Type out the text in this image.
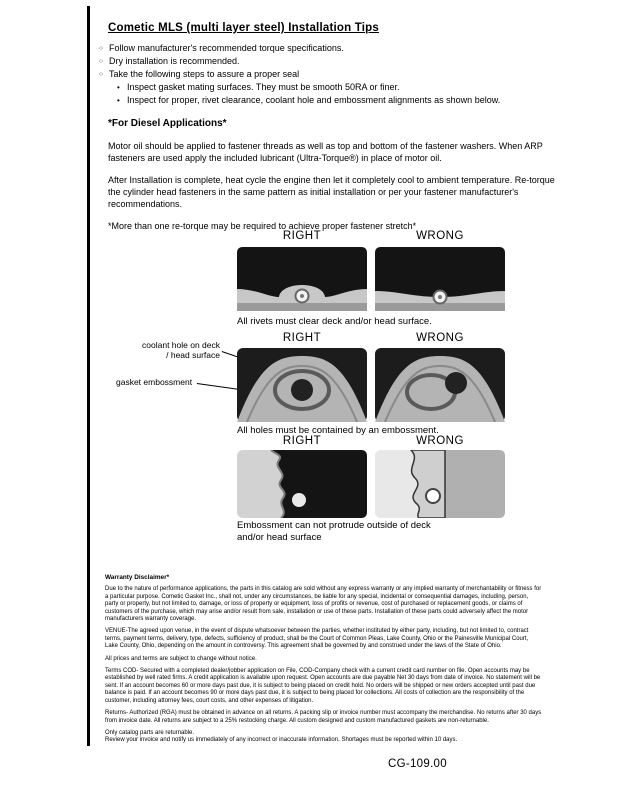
Cometic MLS (multi layer steel) Installation Tips
○ Follow manufacturer's recommended torque specifications.
○ Dry installation is recommended.
○ Take the following steps to assure a proper seal
• Inspect gasket mating surfaces. They must be smooth 50RA or finer.
• Inspect for proper, rivet clearance, coolant hole and embossment alignments as shown below.
*For Diesel Applications*

Motor oil should be applied to fastener threads as well as top and bottom of the fastener washers. When ARP fasteners are used apply the included lubricant (Ultra-Torque®) in place of motor oil.

After Installation is complete, heat cycle the engine then let it completely cool to ambient temperature. Re-torque the cylinder head fasteners in the same pattern as initial installation or per your fastener manufacturer's recommendations.

*More than one re-torque may be required to achieve proper fastener stretch*

RIGHT	WRONG
All rivets must clear deck and/or head surface.
RIGHT	WRONG
coolant hole on deck / head surface
gasket embossment
All holes must be contained by an embossment.
RIGHT	WRONG
Embossment can not protrude outside of deck and/or head surface

Warranty Disclaimer*

Due to the nature of performance applications, the parts in this catalog are sold without any express warranty or any implied warranty of merchantability or fitness for a particular purpose. Cometic Gasket Inc., shall not, under any circumstances, be liable for any special, incidental or consequential damages, including, person, party or property, but not limited to, damage, or loss of property or equipment, loss of profits or revenue, cost of purchased or replacement goods, or claims of customers of the purchase, which may arise and/or result from sale, installation or use of these parts. Installation of these parts could adversely affect the motor manufacturers warranty coverage.

VENUE-The agreed upon venue, in the event of dispute whatsoever between the parties, whether instituted by either party, including, but not limited to, contract terms, payment terms, delivery, type, defects, sufficiency of product, shall be the Court of Common Pleas, Lake County, Ohio or the Painesville Municipal Court, Lake County, Ohio, depending on the amount in controversy. This agreement shall be governed by and construed under the laws of the State of Ohio.

All prices and terms are subject to change without notice.

Terms COD- Secured with a completed dealer/jobber application on File, COD-Company check with a current credit card number on file. Open accounts may be established by well rated firms. A credit application is available upon request. Open accounts are due payable Net 30 days from date of invoice. No statement will be sent. If an account becomes 60 or more days past due, it is subject to being placed on credit hold. No orders will be shipped or new orders accepted until past due balance is paid. If an account becomes 90 or more days past due, it is subject to being placed for collections. All costs of collection are the responsibility of the customer, including attorney fees, court costs, and other expenses of litigation.

Returns- Authorized (RGA) must be obtained in advance on all returns. A packing slip or invoice number must accompany the merchandise. No returns after 30 days from invoice date. All returns are subject to a 25% restocking charge. All custom designed and custom manufactured gaskets are non-returnable.

Only catalog parts are returnable.

Review your invoice and notify us immediately of any incorrect or inaccurate information. Shortages must be reported within 10 days.

CG-109.00
